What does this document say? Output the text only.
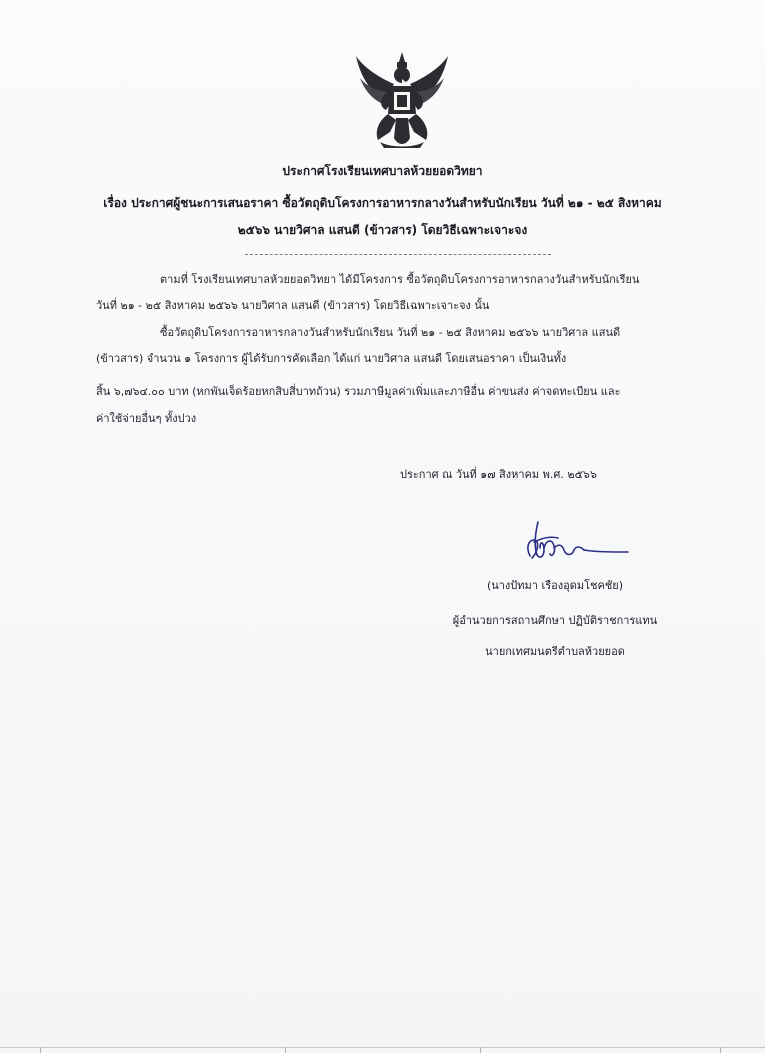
ประกาศโรงเรียนเทศบาลห้วยยอดวิทยา
เรื่อง ประกาศผู้ชนะการเสนอราคา ซื้อวัตถุดิบโครงการอาหารกลางวันสำหรับนักเรียน วันที่ ๒๑ - ๒๕ สิงหาคม
๒๕๖๖ นายวิศาล แสนดี (ข้าวสาร) โดยวิธีเฉพาะเจาะจง
ตามที่ โรงเรียนเทศบาลห้วยยอดวิทยา ได้มีโครงการ ซื้อวัตถุดิบโครงการอาหารกลางวันสำหรับนักเรียน
วันที่ ๒๑ - ๒๕ สิงหาคม ๒๕๖๖ นายวิศาล แสนดี (ข้าวสาร) โดยวิธีเฉพาะเจาะจง นั้น
ซื้อวัตถุดิบโครงการอาหารกลางวันสำหรับนักเรียน วันที่ ๒๑ - ๒๕ สิงหาคม ๒๕๖๖ นายวิศาล แสนดี
(ข้าวสาร) จำนวน ๑ โครงการ ผู้ได้รับการคัดเลือก ได้แก่ นายวิศาล แสนดี โดยเสนอราคา เป็นเงินทั้ง
สิ้น ๖,๗๖๔.๐๐ บาท (หกพันเจ็ดร้อยหกสิบสี่บาทถ้วน) รวมภาษีมูลค่าเพิ่มและภาษีอื่น ค่าขนส่ง ค่าจดทะเบียน และ
ค่าใช้จ่ายอื่นๆ ทั้งปวง
ประกาศ ณ วันที่ ๑๗ สิงหาคม พ.ศ. ๒๕๖๖
(นางปัทมา เรืองอุดมโชคชัย)
ผู้อำนวยการสถานศึกษา ปฏิบัติราชการแทน
นายกเทศมนตรีตำบลห้วยยอด
